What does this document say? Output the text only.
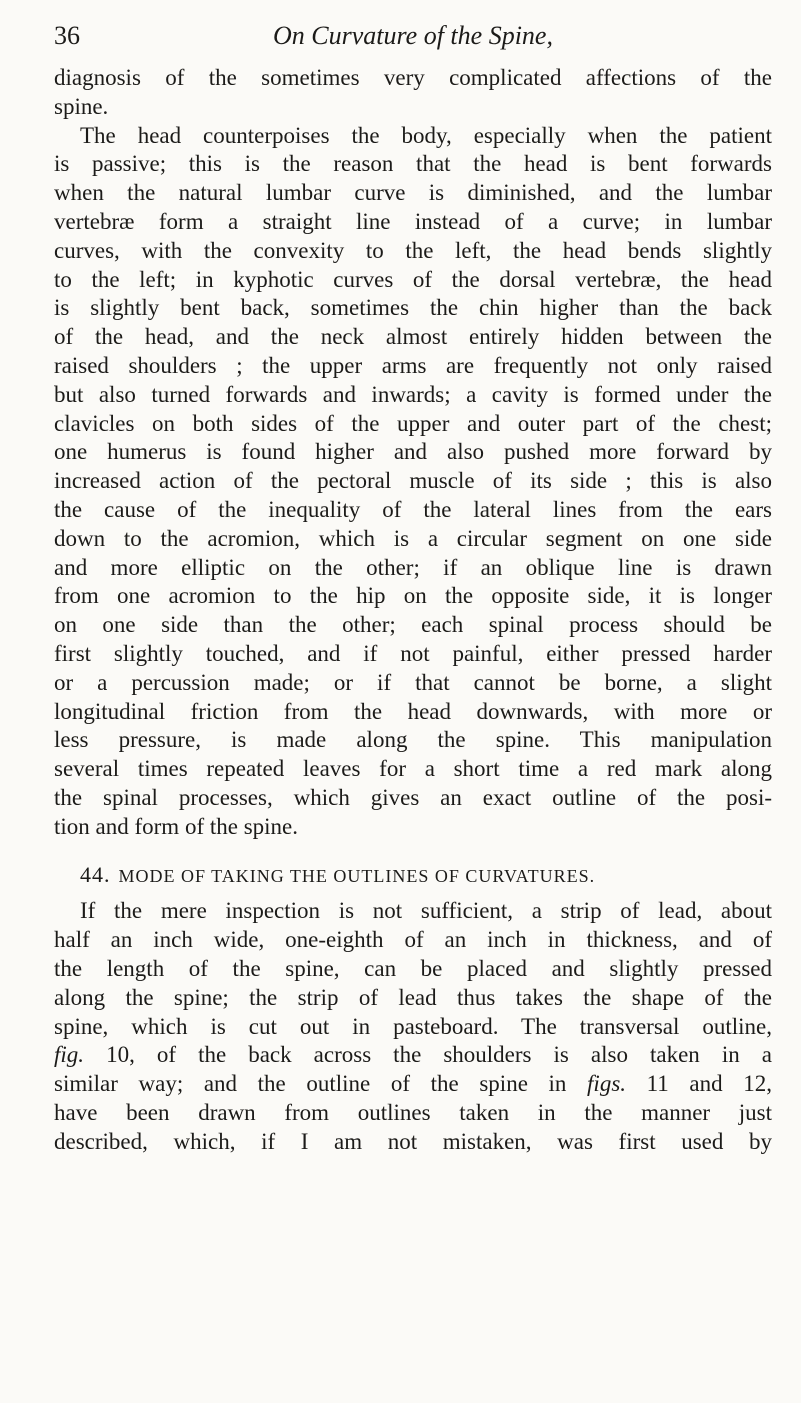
36	On Curvature of the Spine,
diagnosis of the sometimes very complicated affections of the
spine.
The head counterpoises the body, especially when the patient
is passive; this is the reason that the head is bent forwards
when the natural lumbar curve is diminished, and the lumbar
vertebræ form a straight line instead of a curve; in lumbar
curves, with the convexity to the left, the head bends slightly
to the left; in kyphotic curves of the dorsal vertebræ, the head
is slightly bent back, sometimes the chin higher than the back
of the head, and the neck almost entirely hidden between the
raised shoulders ; the upper arms are frequently not only raised
but also turned forwards and inwards; a cavity is formed under the
clavicles on both sides of the upper and outer part of the chest;
one humerus is found higher and also pushed more forward by
increased action of the pectoral muscle of its side ; this is also
the cause of the inequality of the lateral lines from the ears
down to the acromion, which is a circular segment on one side
and more elliptic on the other; if an oblique line is drawn
from one acromion to the hip on the opposite side, it is longer
on one side than the other; each spinal process should be
first slightly touched, and if not painful, either pressed harder
or a percussion made; or if that cannot be borne, a slight
longitudinal friction from the head downwards, with more or
less pressure, is made along the spine. This manipulation
several times repeated leaves for a short time a red mark along
the spinal processes, which gives an exact outline of the posi-
tion and form of the spine.
44. MODE OF TAKING THE OUTLINES OF CURVATURES.
If the mere inspection is not sufficient, a strip of lead, about
half an inch wide, one-eighth of an inch in thickness, and of
the length of the spine, can be placed and slightly pressed
along the spine; the strip of lead thus takes the shape of the
spine, which is cut out in pasteboard. The transversal outline,
fig. 10, of the back across the shoulders is also taken in a
similar way; and the outline of the spine in figs. 11 and 12,
have been drawn from outlines taken in the manner just
described, which, if I am not mistaken, was first used by
